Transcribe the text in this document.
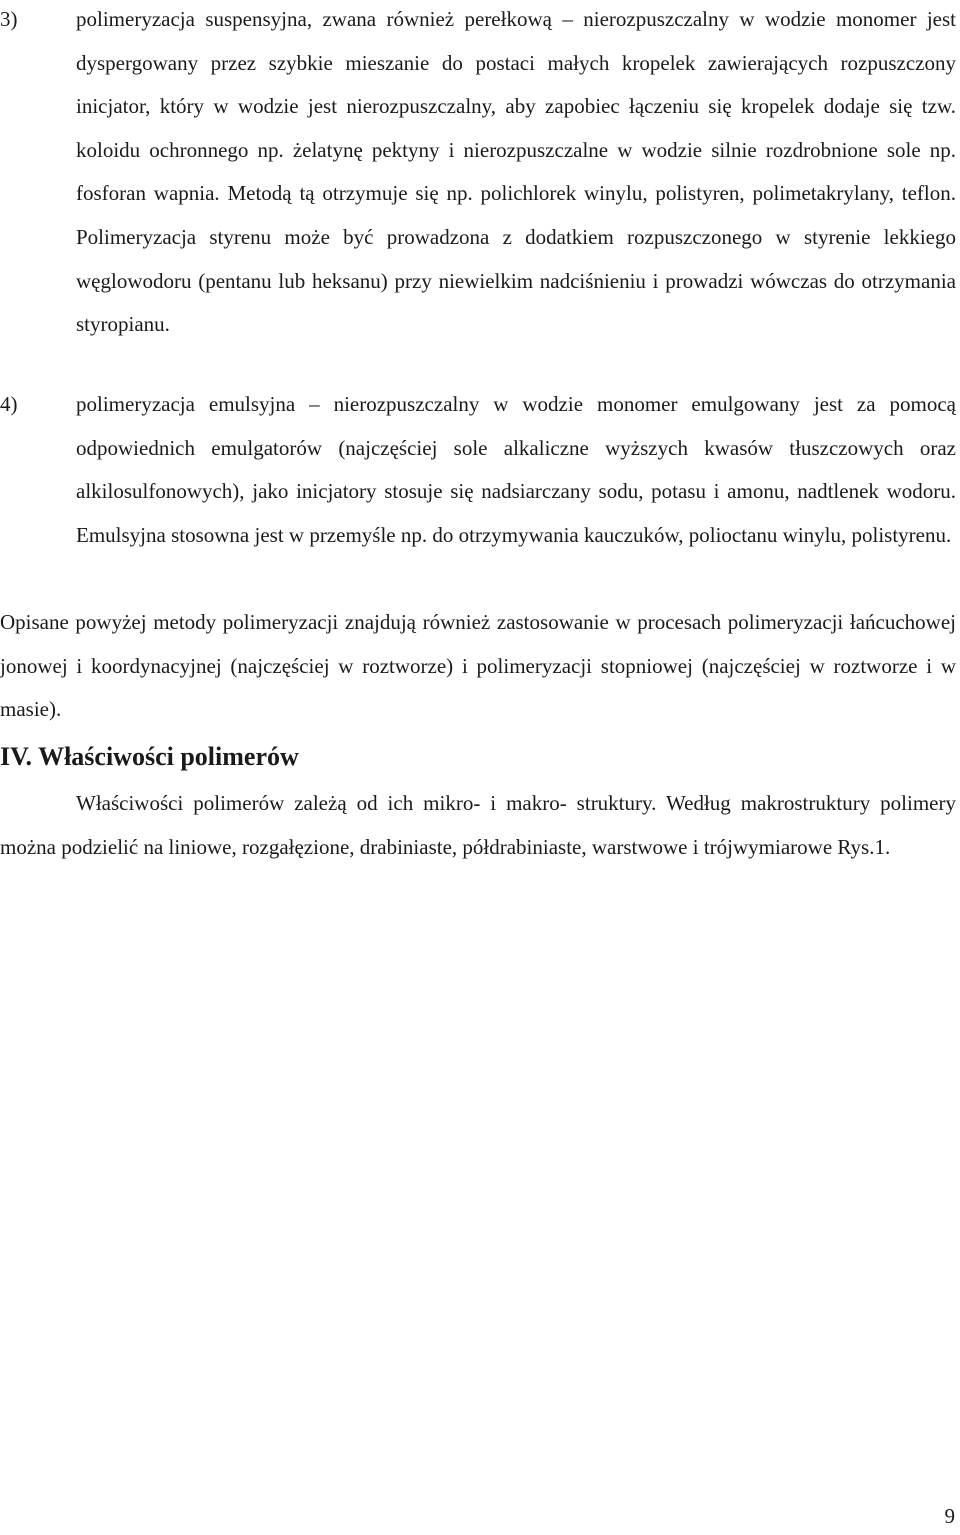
3)	polimeryzacja suspensyjna, zwana również perełkową – nierozpuszczalny w wodzie monomer jest dyspergowany przez szybkie mieszanie do postaci małych kropelek zawierających rozpuszczony inicjator, który w wodzie jest nierozpuszczalny, aby zapobiec łączeniu się kropelek dodaje się tzw. koloidu ochronnego np. żelatynę pektyny i nierozpuszczalne w wodzie silnie rozdrobnione sole np. fosforan wapnia. Metodą tą otrzymuje się np. polichlorek winylu, polistyren, polimetakrylany, teflon. Polimeryzacja styrenu może być prowadzona z dodatkiem rozpuszczonego w styrenie lekkiego węglowodoru (pentanu lub heksanu) przy niewielkim nadciśnieniu i prowadzi wówczas do otrzymania styropianu.
4)	polimeryzacja emulsyjna – nierozpuszczalny w wodzie monomer emulgowany jest za pomocą odpowiednich emulgatorów (najczęściej sole alkaliczne wyższych kwasów tłuszczowych oraz alkilosulfonowych), jako inicjatory stosuje się nadsiarczany sodu, potasu i amonu, nadtlenek wodoru. Emulsyjna stosowna jest w przemyśle np. do otrzymywania kauczuków, polioctanu winylu, polistyrenu.
Opisane powyżej metody polimeryzacji znajdują również zastosowanie w procesach polimeryzacji łańcuchowej jonowej i koordynacyjnej (najczęściej w roztworze) i polimeryzacji stopniowej (najczęściej w roztworze i w masie).
IV. Właściwości polimerów
Właściwości polimerów zależą od ich mikro- i makro- struktury. Według makrostruktury polimery można podzielić na liniowe, rozgałęzione, drabiniaste, półdrabiniaste, warstwowe i trójwymiarowe Rys.1.
9
